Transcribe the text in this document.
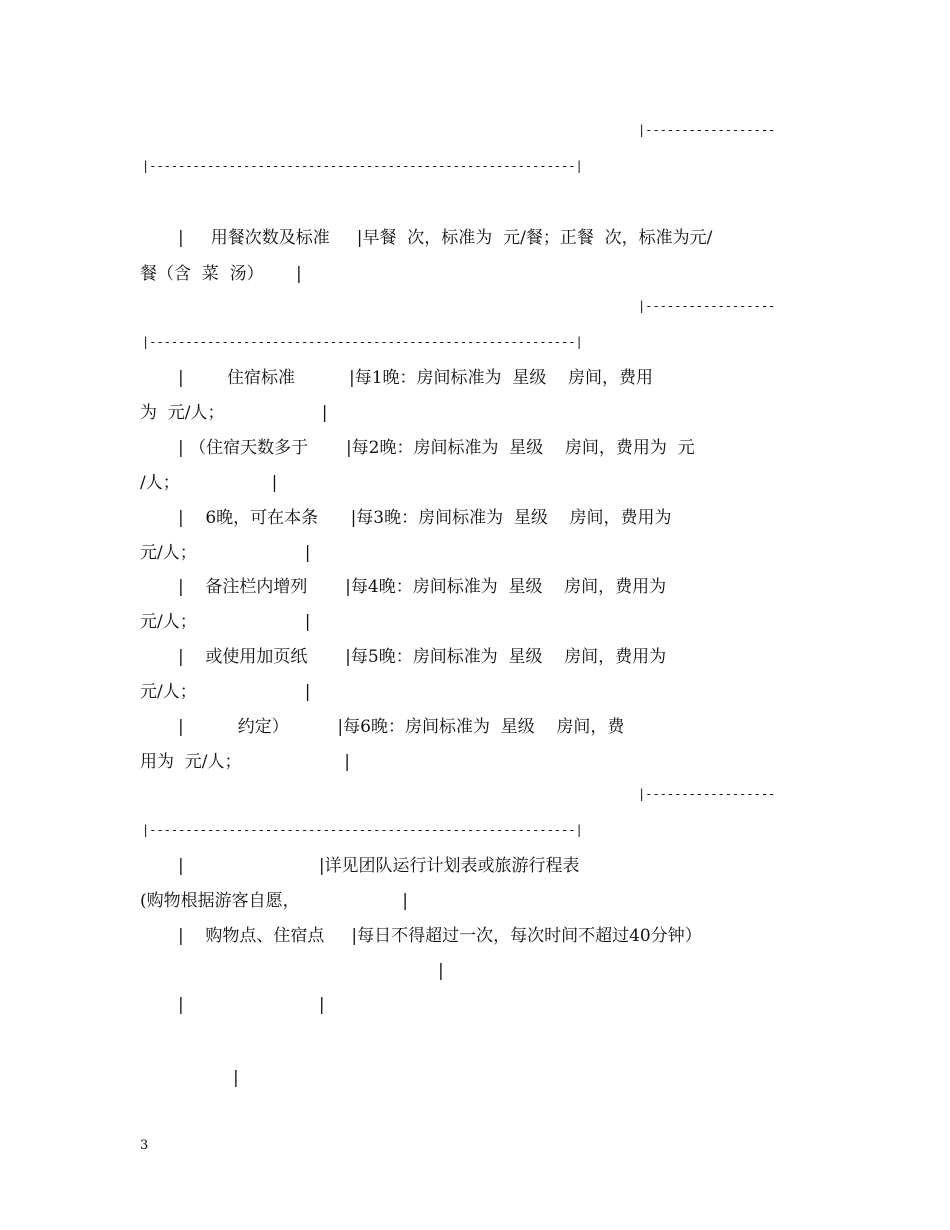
|------------------
|-----------------------------------------------------------|
|     用餐次数及标准     |早餐  次，标准为  元/餐；正餐  次，标准为元/
餐（含  菜  汤）      |
|------------------
|-----------------------------------------------------------|
|        住宿标准          |每1晚：房间标准为  星级    房间，费用
为  元/人；                  |
| （住宿天数多于       |每2晚：房间标准为  星级    房间，费用为  元
/人；                 |
|    6晚，可在本条      |每3晚：房间标准为  星级    房间，费用为
元/人；                    |
|    备注栏内增列       |每4晚：房间标准为  星级    房间，费用为
元/人；                    |
|    或使用加页纸       |每5晚：房间标准为  星级    房间，费用为
元/人；                    |
|          约定）         |每6晚：房间标准为  星级    房间，费
用为  元/人；                   |
|------------------
|-----------------------------------------------------------|
|                         |详见团队运行计划表或旅游行程表
(购物根据游客自愿，                   |
|    购物点、住宿点     |每日不得超过一次，每次时间不超过40分钟）
|
|                         |
|
3
